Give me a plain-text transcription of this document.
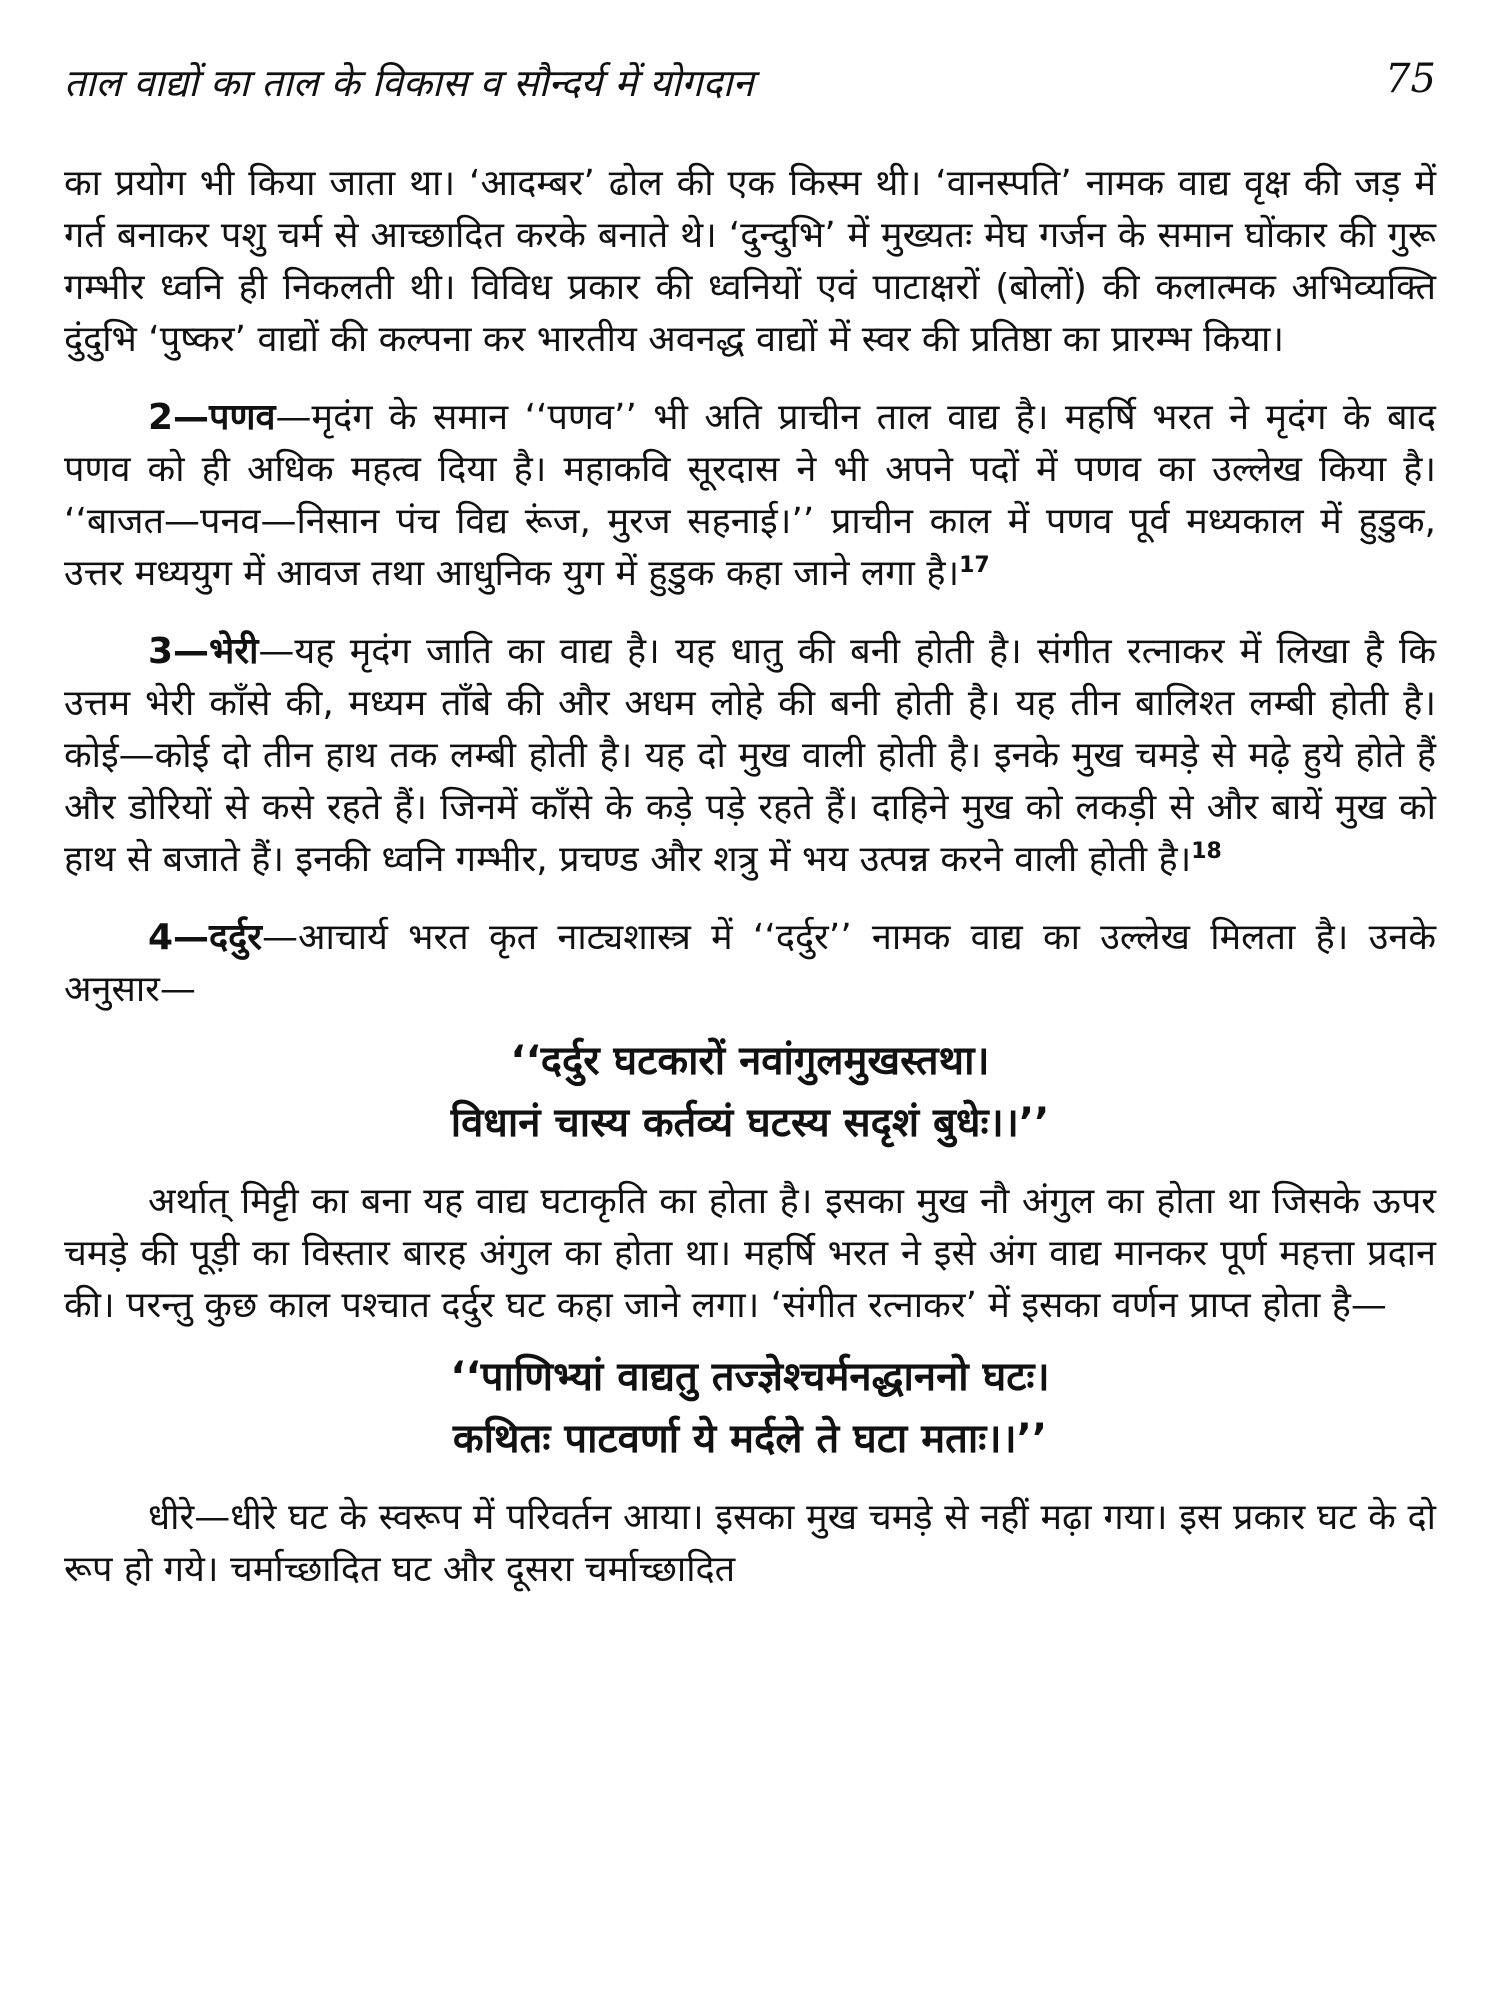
ताल वाद्यों का ताल के विकास व सौन्दर्य में योगदान	75

का प्रयोग भी किया जाता था। ‘आदम्बर’ ढोल की एक किस्म थी। ‘वानस्पति’ नामक वाद्य वृक्ष की जड़ में गर्त बनाकर पशु चर्म से आच्छादित करके बनाते थे। ‘दुन्दुभि’ में मुख्यतः मेघ गर्जन के समान घोंकार की गुरू गम्भीर ध्वनि ही निकलती थी। विविध प्रकार की ध्वनियों एवं पाटाक्षरों (बोलों) की कलात्मक अभिव्यक्ति दुंदुभि ‘पुष्कर’ वाद्यों की कल्पना कर भारतीय अवनद्ध वाद्यों में स्वर की प्रतिष्ठा का प्रारम्भ किया।

2—पणव—मृदंग के समान ‘‘पणव’’ भी अति प्राचीन ताल वाद्य है। महर्षि भरत ने मृदंग के बाद पणव को ही अधिक महत्व दिया है। महाकवि सूरदास ने भी अपने पदों में पणव का उल्लेख किया है। ‘‘बाजत—पनव—निसान पंच विद्य रूंज, मुरज सहनाई।’’ प्राचीन काल में पणव पूर्व मध्यकाल में हुडुक, उत्तर मध्ययुग में आवज तथा आधुनिक युग में हुडुक कहा जाने लगा है।$^{17}$

3—भेरी—यह मृदंग जाति का वाद्य है। यह धातु की बनी होती है। संगीत रत्नाकर में लिखा है कि उत्तम भेरी काँसे की, मध्यम ताँबे की और अधम लोहे की बनी होती है। यह तीन बालिश्त लम्बी होती है। कोई—कोई दो तीन हाथ तक लम्बी होती है। यह दो मुख वाली होती है। इनके मुख चमड़े से मढ़े हुये होते हैं और डोरियों से कसे रहते हैं। जिनमें काँसे के कड़े पड़े रहते हैं। दाहिने मुख को लकड़ी से और बायें मुख को हाथ से बजाते हैं। इनकी ध्वनि गम्भीर, प्रचण्ड और शत्रु में भय उत्पन्न करने वाली होती है।$^{18}$

4—दर्दुर—आचार्य भरत कृत नाट्यशास्त्र में ‘‘दर्दुर’’ नामक वाद्य का उल्लेख मिलता है। उनके अनुसार—

‘‘दर्दुर घटकारों नवांगुलमुखस्तथा।
विधानं चास्य कर्तव्यं घटस्य सदृशं बुधेः।।’’

अर्थात् मिट्टी का बना यह वाद्य घटाकृति का होता है। इसका मुख नौ अंगुल का होता था जिसके ऊपर चमड़े की पूड़ी का विस्तार बारह अंगुल का होता था। महर्षि भरत ने इसे अंग वाद्य मानकर पूर्ण महत्ता प्रदान की। परन्तु कुछ काल पश्चात दर्दुर घट कहा जाने लगा। ‘संगीत रत्नाकर’ में इसका वर्णन प्राप्त होता है—

‘‘पाणिभ्यां वाद्यतु तज्ज्ञेश्चर्मनद्धाननो घटः।
कथितः पाटवर्णा ये मर्दले ते घटा मताः।।’’

धीरे—धीरे घट के स्वरूप में परिवर्तन आया। इसका मुख चमड़े से नहीं मढ़ा गया। इस प्रकार घट के दो रूप हो गये। चर्माच्छादित घट और दूसरा चर्माच्छादित
